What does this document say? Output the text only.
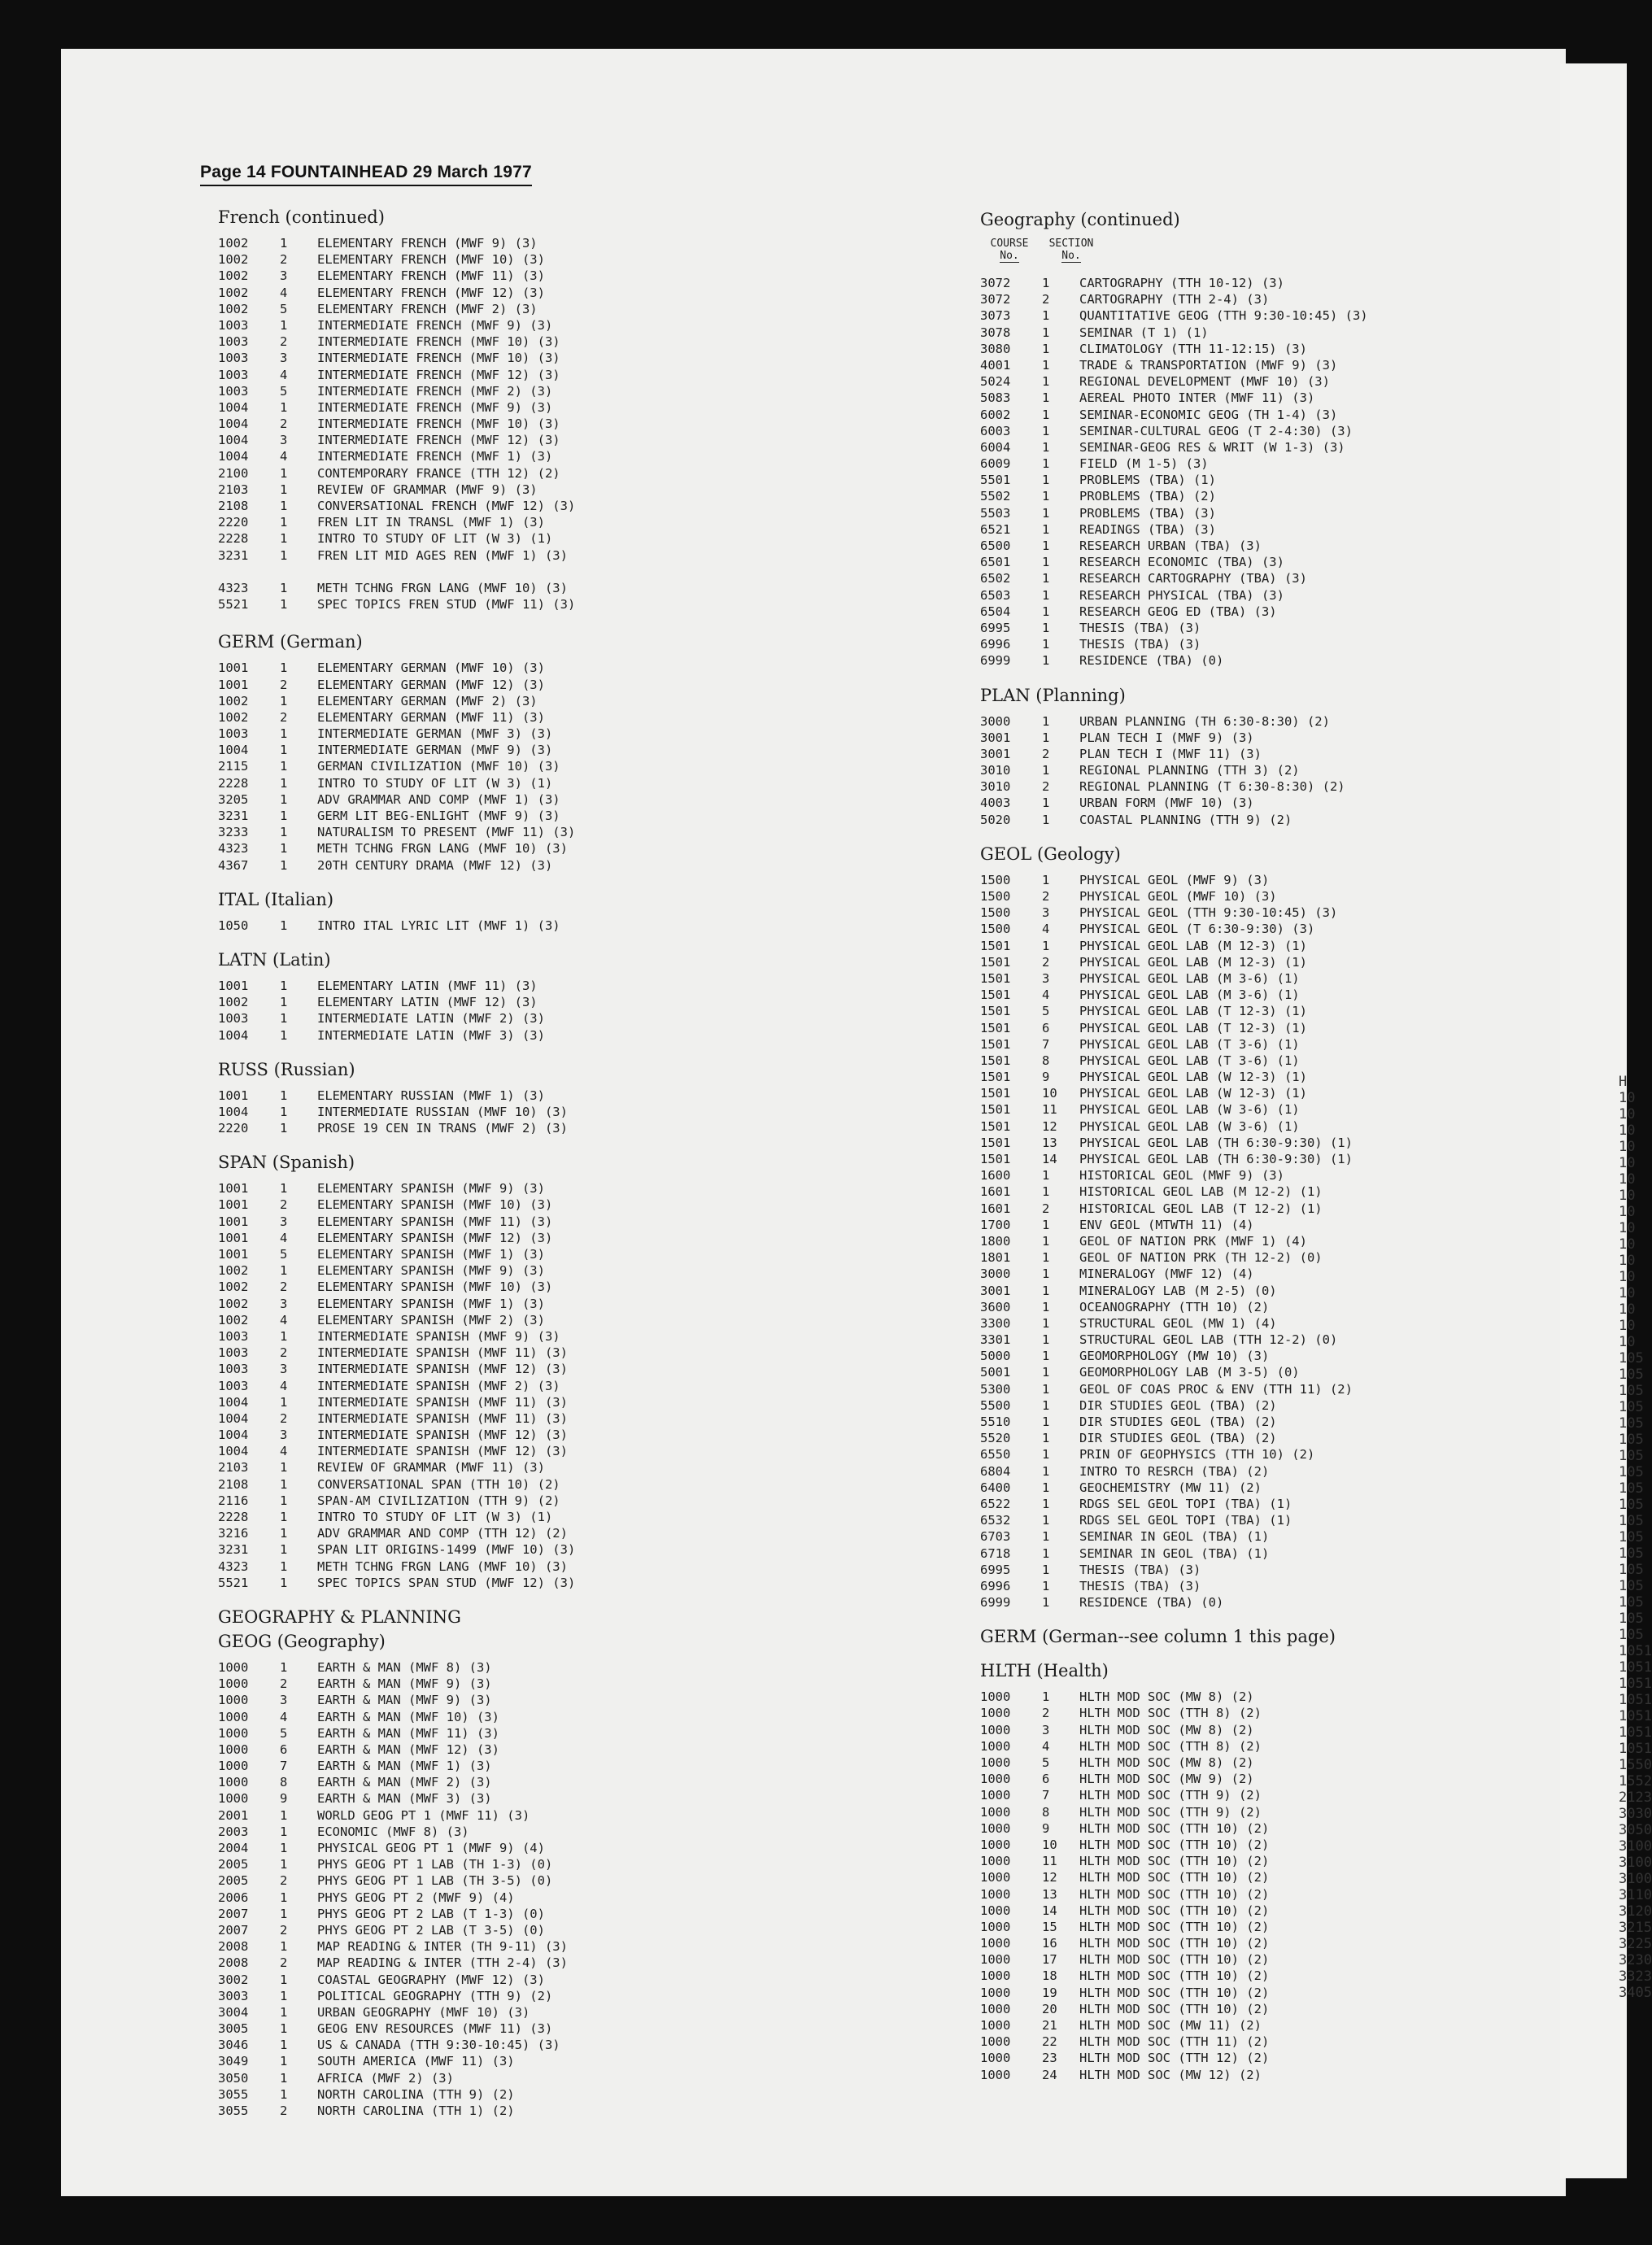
H
10
10
10
10
10
10
10
10
10
10
10
10
10
10
10
10
105
105
105
105
105
105
105
105
105
105
105
105
105
105
105
105
105
105
1051
1051
1051
1051
1051
1051
1051
1550
1552
2123
3030
3050
3100
3100
3100
3110
3120
3215
3225
3230
3323
3405
Page 14 FOUNTAINHEAD 29 March 1977
French (continued)
1002	1	ELEMENTARY FRENCH (MWF 9) (3)
1002	2	ELEMENTARY FRENCH (MWF 10) (3)
1002	3	ELEMENTARY FRENCH (MWF 11) (3)
1002	4	ELEMENTARY FRENCH (MWF 12) (3)
1002	5	ELEMENTARY FRENCH (MWF 2) (3)
1003	1	INTERMEDIATE FRENCH (MWF 9) (3)
1003	2	INTERMEDIATE FRENCH (MWF 10) (3)
1003	3	INTERMEDIATE FRENCH (MWF 10) (3)
1003	4	INTERMEDIATE FRENCH (MWF 12) (3)
1003	5	INTERMEDIATE FRENCH (MWF 2) (3)
1004	1	INTERMEDIATE FRENCH (MWF 9) (3)
1004	2	INTERMEDIATE FRENCH (MWF 10) (3)
1004	3	INTERMEDIATE FRENCH (MWF 12) (3)
1004	4	INTERMEDIATE FRENCH (MWF 1) (3)
2100	1	CONTEMPORARY FRANCE (TTH 12) (2)
2103	1	REVIEW OF GRAMMAR (MWF 9) (3)
2108	1	CONVERSATIONAL FRENCH (MWF 12) (3)
2220	1	FREN LIT IN TRANSL (MWF 1) (3)
2228	1	INTRO TO STUDY OF LIT (W 3) (1)
3231	1	FREN LIT MID AGES REN (MWF 1) (3)
4323	1	METH TCHNG FRGN LANG (MWF 10) (3)
5521	1	SPEC TOPICS FREN STUD (MWF 11) (3)
GERM (German)
1001	1	ELEMENTARY GERMAN (MWF 10) (3)
1001	2	ELEMENTARY GERMAN (MWF 12) (3)
1002	1	ELEMENTARY GERMAN (MWF 2) (3)
1002	2	ELEMENTARY GERMAN (MWF 11) (3)
1003	1	INTERMEDIATE GERMAN (MWF 3) (3)
1004	1	INTERMEDIATE GERMAN (MWF 9) (3)
2115	1	GERMAN CIVILIZATION (MWF 10) (3)
2228	1	INTRO TO STUDY OF LIT (W 3) (1)
3205	1	ADV GRAMMAR AND COMP (MWF 1) (3)
3231	1	GERM LIT BEG-ENLIGHT (MWF 9) (3)
3233	1	NATURALISM TO PRESENT (MWF 11) (3)
4323	1	METH TCHNG FRGN LANG (MWF 10) (3)
4367	1	20TH CENTURY DRAMA (MWF 12) (3)
ITAL (Italian)
1050	1	INTRO ITAL LYRIC LIT (MWF 1) (3)
LATN (Latin)
1001	1	ELEMENTARY LATIN (MWF 11) (3)
1002	1	ELEMENTARY LATIN (MWF 12) (3)
1003	1	INTERMEDIATE LATIN (MWF 2) (3)
1004	1	INTERMEDIATE LATIN (MWF 3) (3)
RUSS (Russian)
1001	1	ELEMENTARY RUSSIAN (MWF 1) (3)
1004	1	INTERMEDIATE RUSSIAN (MWF 10) (3)
2220	1	PROSE 19 CEN IN TRANS (MWF 2) (3)
SPAN (Spanish)
1001	1	ELEMENTARY SPANISH (MWF 9) (3)
1001	2	ELEMENTARY SPANISH (MWF 10) (3)
1001	3	ELEMENTARY SPANISH (MWF 11) (3)
1001	4	ELEMENTARY SPANISH (MWF 12) (3)
1001	5	ELEMENTARY SPANISH (MWF 1) (3)
1002	1	ELEMENTARY SPANISH (MWF 9) (3)
1002	2	ELEMENTARY SPANISH (MWF 10) (3)
1002	3	ELEMENTARY SPANISH (MWF 1) (3)
1002	4	ELEMENTARY SPANISH (MWF 2) (3)
1003	1	INTERMEDIATE SPANISH (MWF 9) (3)
1003	2	INTERMEDIATE SPANISH (MWF 11) (3)
1003	3	INTERMEDIATE SPANISH (MWF 12) (3)
1003	4	INTERMEDIATE SPANISH (MWF 2) (3)
1004	1	INTERMEDIATE SPANISH (MWF 11) (3)
1004	2	INTERMEDIATE SPANISH (MWF 11) (3)
1004	3	INTERMEDIATE SPANISH (MWF 12) (3)
1004	4	INTERMEDIATE SPANISH (MWF 12) (3)
2103	1	REVIEW OF GRAMMAR (MWF 11) (3)
2108	1	CONVERSATIONAL SPAN (TTH 10) (2)
2116	1	SPAN-AM CIVILIZATION (TTH 9) (2)
2228	1	INTRO TO STUDY OF LIT (W 3) (1)
3216	1	ADV GRAMMAR AND COMP (TTH 12) (2)
3231	1	SPAN LIT ORIGINS-1499 (MWF 10) (3)
4323	1	METH TCHNG FRGN LANG (MWF 10) (3)
5521	1	SPEC TOPICS SPAN STUD (MWF 12) (3)
GEOGRAPHY & PLANNING
GEOG (Geography)
1000	1	EARTH & MAN (MWF 8) (3)
1000	2	EARTH & MAN (MWF 9) (3)
1000	3	EARTH & MAN (MWF 9) (3)
1000	4	EARTH & MAN (MWF 10) (3)
1000	5	EARTH & MAN (MWF 11) (3)
1000	6	EARTH & MAN (MWF 12) (3)
1000	7	EARTH & MAN (MWF 1) (3)
1000	8	EARTH & MAN (MWF 2) (3)
1000	9	EARTH & MAN (MWF 3) (3)
2001	1	WORLD GEOG PT 1 (MWF 11) (3)
2003	1	ECONOMIC (MWF 8) (3)
2004	1	PHYSICAL GEOG PT 1 (MWF 9) (4)
2005	1	PHYS GEOG PT 1 LAB (TH 1-3) (0)
2005	2	PHYS GEOG PT 1 LAB (TH 3-5) (0)
2006	1	PHYS GEOG PT 2 (MWF 9) (4)
2007	1	PHYS GEOG PT 2 LAB (T 1-3) (0)
2007	2	PHYS GEOG PT 2 LAB (T 3-5) (0)
2008	1	MAP READING & INTER (TH 9-11) (3)
2008	2	MAP READING & INTER (TTH 2-4) (3)
3002	1	COASTAL GEOGRAPHY (MWF 12) (3)
3003	1	POLITICAL GEOGRAPHY (TTH 9) (2)
3004	1	URBAN GEOGRAPHY (MWF 10) (3)
3005	1	GEOG ENV RESOURCES (MWF 11) (3)
3046	1	US & CANADA (TTH 9:30-10:45) (3)
3049	1	SOUTH AMERICA (MWF 11) (3)
3050	1	AFRICA (MWF 2) (3)
3055	1	NORTH CAROLINA (TTH 9) (2)
3055	2	NORTH CAROLINA (TTH 1) (2)
Geography (continued)
COURSE
No.
SECTION
No.
3072	1	CARTOGRAPHY (TTH 10-12) (3)
3072	2	CARTOGRAPHY (TTH 2-4) (3)
3073	1	QUANTITATIVE GEOG (TTH 9:30-10:45) (3)
3078	1	SEMINAR (T 1) (1)
3080	1	CLIMATOLOGY (TTH 11-12:15) (3)
4001	1	TRADE & TRANSPORTATION (MWF 9) (3)
5024	1	REGIONAL DEVELOPMENT (MWF 10) (3)
5083	1	AEREAL PHOTO INTER (MWF 11) (3)
6002	1	SEMINAR-ECONOMIC GEOG (TH 1-4) (3)
6003	1	SEMINAR-CULTURAL GEOG (T 2-4:30) (3)
6004	1	SEMINAR-GEOG RES & WRIT (W 1-3) (3)
6009	1	FIELD (M 1-5) (3)
5501	1	PROBLEMS (TBA) (1)
5502	1	PROBLEMS (TBA) (2)
5503	1	PROBLEMS (TBA) (3)
6521	1	READINGS (TBA) (3)
6500	1	RESEARCH URBAN (TBA) (3)
6501	1	RESEARCH ECONOMIC (TBA) (3)
6502	1	RESEARCH CARTOGRAPHY (TBA) (3)
6503	1	RESEARCH PHYSICAL (TBA) (3)
6504	1	RESEARCH GEOG ED (TBA) (3)
6995	1	THESIS (TBA) (3)
6996	1	THESIS (TBA) (3)
6999	1	RESIDENCE (TBA) (0)
PLAN (Planning)
3000	1	URBAN PLANNING (TH 6:30-8:30) (2)
3001	1	PLAN TECH I (MWF 9) (3)
3001	2	PLAN TECH I (MWF 11) (3)
3010	1	REGIONAL PLANNING (TTH 3) (2)
3010	2	REGIONAL PLANNING (T 6:30-8:30) (2)
4003	1	URBAN FORM (MWF 10) (3)
5020	1	COASTAL PLANNING (TTH 9) (2)
GEOL (Geology)
1500	1	PHYSICAL GEOL (MWF 9) (3)
1500	2	PHYSICAL GEOL (MWF 10) (3)
1500	3	PHYSICAL GEOL (TTH 9:30-10:45) (3)
1500	4	PHYSICAL GEOL (T 6:30-9:30) (3)
1501	1	PHYSICAL GEOL LAB (M 12-3) (1)
1501	2	PHYSICAL GEOL LAB (M 12-3) (1)
1501	3	PHYSICAL GEOL LAB (M 3-6) (1)
1501	4	PHYSICAL GEOL LAB (M 3-6) (1)
1501	5	PHYSICAL GEOL LAB (T 12-3) (1)
1501	6	PHYSICAL GEOL LAB (T 12-3) (1)
1501	7	PHYSICAL GEOL LAB (T 3-6) (1)
1501	8	PHYSICAL GEOL LAB (T 3-6) (1)
1501	9	PHYSICAL GEOL LAB (W 12-3) (1)
1501	10	PHYSICAL GEOL LAB (W 12-3) (1)
1501	11	PHYSICAL GEOL LAB (W 3-6) (1)
1501	12	PHYSICAL GEOL LAB (W 3-6) (1)
1501	13	PHYSICAL GEOL LAB (TH 6:30-9:30) (1)
1501	14	PHYSICAL GEOL LAB (TH 6:30-9:30) (1)
1600	1	HISTORICAL GEOL (MWF 9) (3)
1601	1	HISTORICAL GEOL LAB (M 12-2) (1)
1601	2	HISTORICAL GEOL LAB (T 12-2) (1)
1700	1	ENV GEOL (MTWTH 11) (4)
1800	1	GEOL OF NATION PRK (MWF 1) (4)
1801	1	GEOL OF NATION PRK (TH 12-2) (0)
3000	1	MINERALOGY (MWF 12) (4)
3001	1	MINERALOGY LAB (M 2-5) (0)
3600	1	OCEANOGRAPHY (TTH 10) (2)
3300	1	STRUCTURAL GEOL (MW 1) (4)
3301	1	STRUCTURAL GEOL LAB (TTH 12-2) (0)
5000	1	GEOMORPHOLOGY (MW 10) (3)
5001	1	GEOMORPHOLOGY LAB (M 3-5) (0)
5300	1	GEOL OF COAS PROC & ENV (TTH 11) (2)
5500	1	DIR STUDIES GEOL (TBA) (2)
5510	1	DIR STUDIES GEOL (TBA) (2)
5520	1	DIR STUDIES GEOL (TBA) (2)
6550	1	PRIN OF GEOPHYSICS (TTH 10) (2)
6804	1	INTRO TO RESRCH (TBA) (2)
6400	1	GEOCHEMISTRY (MW 11) (2)
6522	1	RDGS SEL GEOL TOPI (TBA) (1)
6532	1	RDGS SEL GEOL TOPI (TBA) (1)
6703	1	SEMINAR IN GEOL (TBA) (1)
6718	1	SEMINAR IN GEOL (TBA) (1)
6995	1	THESIS (TBA) (3)
6996	1	THESIS (TBA) (3)
6999	1	RESIDENCE (TBA) (0)
GERM (German--see column 1 this page)
HLTH (Health)
1000	1	HLTH MOD SOC (MW 8) (2)
1000	2	HLTH MOD SOC (TTH 8) (2)
1000	3	HLTH MOD SOC (MW 8) (2)
1000	4	HLTH MOD SOC (TTH 8) (2)
1000	5	HLTH MOD SOC (MW 8) (2)
1000	6	HLTH MOD SOC (MW 9) (2)
1000	7	HLTH MOD SOC (TTH 9) (2)
1000	8	HLTH MOD SOC (TTH 9) (2)
1000	9	HLTH MOD SOC (TTH 10) (2)
1000	10	HLTH MOD SOC (TTH 10) (2)
1000	11	HLTH MOD SOC (TTH 10) (2)
1000	12	HLTH MOD SOC (TTH 10) (2)
1000	13	HLTH MOD SOC (TTH 10) (2)
1000	14	HLTH MOD SOC (TTH 10) (2)
1000	15	HLTH MOD SOC (TTH 10) (2)
1000	16	HLTH MOD SOC (TTH 10) (2)
1000	17	HLTH MOD SOC (TTH 10) (2)
1000	18	HLTH MOD SOC (TTH 10) (2)
1000	19	HLTH MOD SOC (TTH 10) (2)
1000	20	HLTH MOD SOC (TTH 10) (2)
1000	21	HLTH MOD SOC (MW 11) (2)
1000	22	HLTH MOD SOC (TTH 11) (2)
1000	23	HLTH MOD SOC (TTH 12) (2)
1000	24	HLTH MOD SOC (MW 12) (2)
